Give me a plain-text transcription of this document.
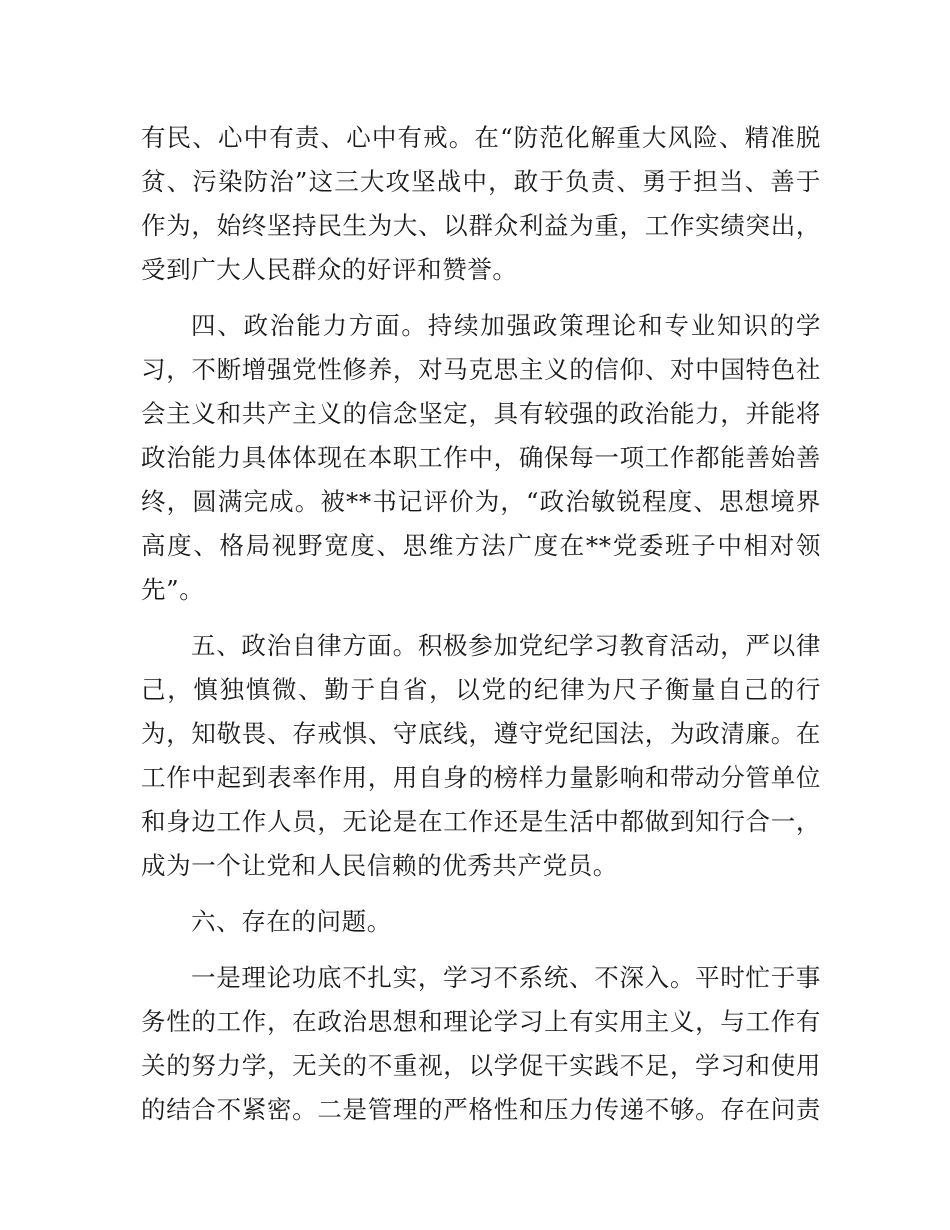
有民、心中有责、心中有戒。在“防范化解重大风险、精准脱
贫、污染防治”这三大攻坚战中，敢于负责、勇于担当、善于
作为，始终坚持民生为大、以群众利益为重，工作实绩突出，
受到广大人民群众的好评和赞誉。
四、政治能力方面。持续加强政策理论和专业知识的学
习，不断增强党性修养，对马克思主义的信仰、对中国特色社
会主义和共产主义的信念坚定，具有较强的政治能力，并能将
政治能力具体体现在本职工作中，确保每一项工作都能善始善
终，圆满完成。被**书记评价为，“政治敏锐程度、思想境界
高度、格局视野宽度、思维方法广度在**党委班子中相对领
先”。
五、政治自律方面。积极参加党纪学习教育活动，严以律
己，慎独慎微、勤于自省，以党的纪律为尺子衡量自己的行
为，知敬畏、存戒惧、守底线，遵守党纪国法，为政清廉。在
工作中起到表率作用，用自身的榜样力量影响和带动分管单位
和身边工作人员，无论是在工作还是生活中都做到知行合一，
成为一个让党和人民信赖的优秀共产党员。
六、存在的问题。
一是理论功底不扎实，学习不系统、不深入。平时忙于事
务性的工作，在政治思想和理论学习上有实用主义，与工作有
关的努力学，无关的不重视，以学促干实践不足，学习和使用
的结合不紧密。二是管理的严格性和压力传递不够。存在问责
